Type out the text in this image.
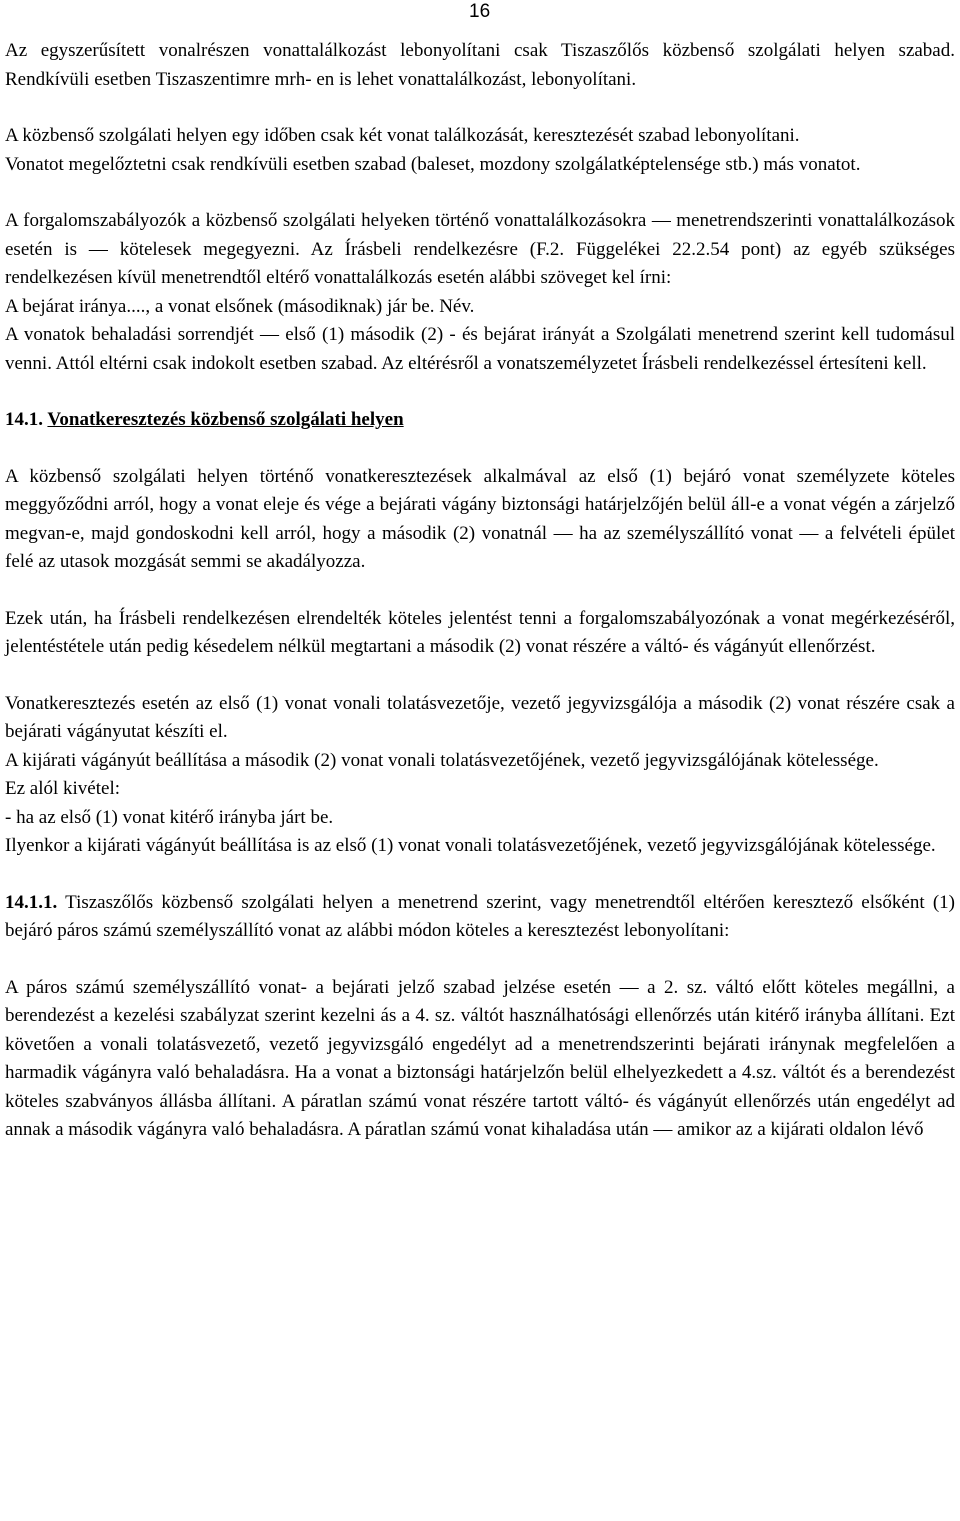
16

Az egyszerűsített vonalrészen vonattalálkozást lebonyolítani csak Tiszaszőlős közbenső szolgálati helyen szabad. Rendkívüli esetben Tiszaszentimre mrh- en is lehet vonattalálkozást, lebonyolítani.

A közbenső szolgálati helyen egy időben csak két vonat találkozását, keresztezését szabad lebonyolítani.

Vonatot megelőztetni csak rendkívüli esetben szabad (baleset, mozdony szolgálatképtelensége stb.) más vonatot.

A forgalomszabályozók a közbenső szolgálati helyeken történő vonattalálkozásokra — menetrendszerinti vonattalálkozások esetén is — kötelesek megegyezni. Az Írásbeli rendelkezésre (F.2. Függelékei 22.2.54 pont) az egyéb szükséges rendelkezésen kívül menetrendtől eltérő vonattalálkozás esetén alábbi szöveget kel írni:

A bejárat iránya...., a vonat elsőnek (másodiknak) jár be. Név.

A vonatok behaladási sorrendjét — első (1) második (2) - és bejárat irányát a Szolgálati menetrend szerint kell tudomásul venni. Attól eltérni csak indokolt esetben szabad. Az eltérésről a vonatszemélyzetet Írásbeli rendelkezéssel értesíteni kell.

14.1. Vonatkeresztezés közbenső szolgálati helyen

A közbenső szolgálati helyen történő vonatkeresztezések alkalmával az első (1) bejáró vonat személyzete köteles meggyőződni arról, hogy a vonat eleje és vége a bejárati vágány biztonsági határjelzőjén belül áll-e a vonat végén a zárjelző megvan-e, majd gondoskodni kell arról, hogy a második (2) vonatnál — ha az személyszállító vonat — a felvételi épület felé az utasok mozgását semmi se akadályozza.

Ezek után, ha Írásbeli rendelkezésen elrendelték köteles jelentést tenni a forgalomszabályozónak a vonat megérkezéséről, jelentéstétele után pedig késedelem nélkül megtartani a második (2) vonat részére a váltó- és vágányút ellenőrzést.

Vonatkeresztezés esetén az első (1) vonat vonali tolatásvezetője, vezető jegyvizsgálója a második (2) vonat részére csak a bejárati vágányutat készíti el.

A kijárati vágányút beállítása a második (2) vonat vonali tolatásvezetőjének, vezető jegyvizsgálójának kötelessége.

Ez alól kivétel:

- ha az első (1) vonat kitérő irányba járt be.

Ilyenkor a kijárati vágányút beállítása is az első (1) vonat vonali tolatásvezetőjének, vezető jegyvizsgálójának kötelessége.

14.1.1. Tiszaszőlős közbenső szolgálati helyen a menetrend szerint, vagy menetrendtől eltérően keresztező elsőként (1) bejáró páros számú személyszállító vonat az alábbi módon köteles a keresztezést lebonyolítani:

A páros számú személyszállító vonat- a bejárati jelző szabad jelzése esetén — a 2. sz. váltó előtt köteles megállni, a berendezést a kezelési szabályzat szerint kezelni ás a 4. sz. váltót használhatósági ellenőrzés után kitérő irányba állítani. Ezt követően a vonali tolatásvezető, vezető jegyvizsgáló engedélyt ad a menetrendszerinti bejárati iránynak megfelelően a harmadik vágányra való behaladásra. Ha a vonat a biztonsági határjelzőn belül elhelyezkedett a 4.sz. váltót és a berendezést köteles szabványos állásba állítani. A páratlan számú vonat részére tartott váltó- és vágányút ellenőrzés után engedélyt ad annak a második vágányra való behaladásra. A páratlan számú vonat kihaladása után — amikor az a kijárati oldalon lévő
